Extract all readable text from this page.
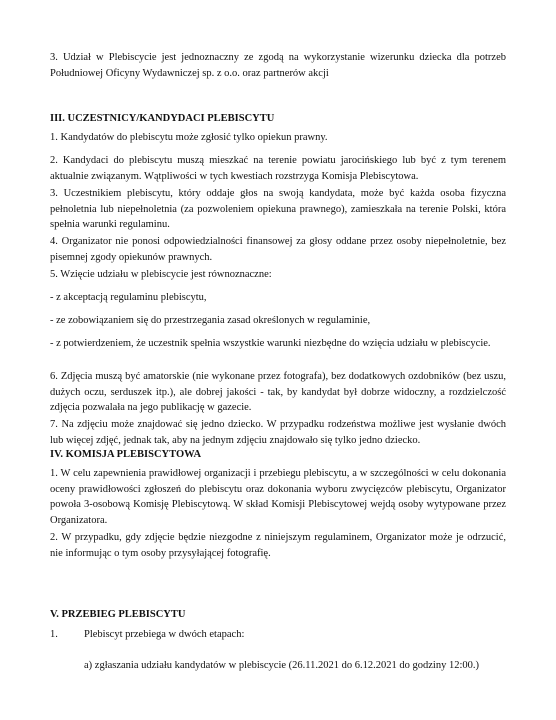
3. Udział w Plebiscycie jest jednoznaczny ze zgodą na wykorzystanie wizerunku dziecka dla potrzeb Południowej Oficyny Wydawniczej sp. z o.o. oraz partnerów akcji

III. UCZESTNICY/KANDYDACI PLEBISCYTU

1. Kandydatów do plebiscytu może zgłosić tylko opiekun prawny.

2. Kandydaci do plebiscytu muszą mieszkać na terenie powiatu jarocińskiego lub być z tym terenem aktualnie związanym. Wątpliwości w tych kwestiach rozstrzyga Komisja Plebiscytowa.

3. Uczestnikiem plebiscytu, który oddaje głos na swoją kandydata, może być każda osoba fizyczna pełnoletnia lub niepełnoletnia (za pozwoleniem opiekuna prawnego), zamieszkała na terenie Polski, która spełnia warunki regulaminu.

4. Organizator nie ponosi odpowiedzialności finansowej za głosy oddane przez osoby niepełnoletnie, bez pisemnej zgody opiekunów prawnych.

5. Wzięcie udziału w plebiscycie jest równoznaczne:

- z akceptacją regulaminu plebiscytu,

- ze zobowiązaniem się do przestrzegania zasad określonych w regulaminie,

- z potwierdzeniem, że uczestnik spełnia wszystkie warunki niezbędne do wzięcia udziału w plebiscycie.

6. Zdjęcia muszą być amatorskie (nie wykonane przez fotografa), bez dodatkowych ozdobników (bez uszu, dużych oczu, serduszek itp.), ale dobrej jakości - tak, by kandydat był dobrze widoczny, a rozdzielczość zdjęcia pozwalała na jego publikację w gazecie.

7. Na zdjęciu może znajdować się jedno dziecko. W przypadku rodzeństwa możliwe jest wysłanie dwóch lub więcej zdjęć, jednak tak, aby na jednym zdjęciu znajdowało się tylko jedno dziecko.

IV. KOMISJA PLEBISCYTOWA

1. W celu zapewnienia prawidłowej organizacji i przebiegu plebiscytu, a w szczególności w celu dokonania oceny prawidłowości zgłoszeń do plebiscytu oraz dokonania wyboru zwycięzców plebiscytu, Organizator powoła 3-osobową Komisję Plebiscytową. W skład Komisji Plebiscytowej wejdą osoby wytypowane przez Organizatora.

2. W przypadku, gdy zdjęcie będzie niezgodne z niniejszym regulaminem, Organizator może je odrzucić, nie informując o tym osoby przysyłającej fotografię.

V. PRZEBIEG PLEBISCYTU
1. Plebiscyt przebiega w dwóch etapach:

a) zgłaszania udziału kandydatów w plebiscycie (26.11.2021 do 6.12.2021 do godziny 12:00.)
